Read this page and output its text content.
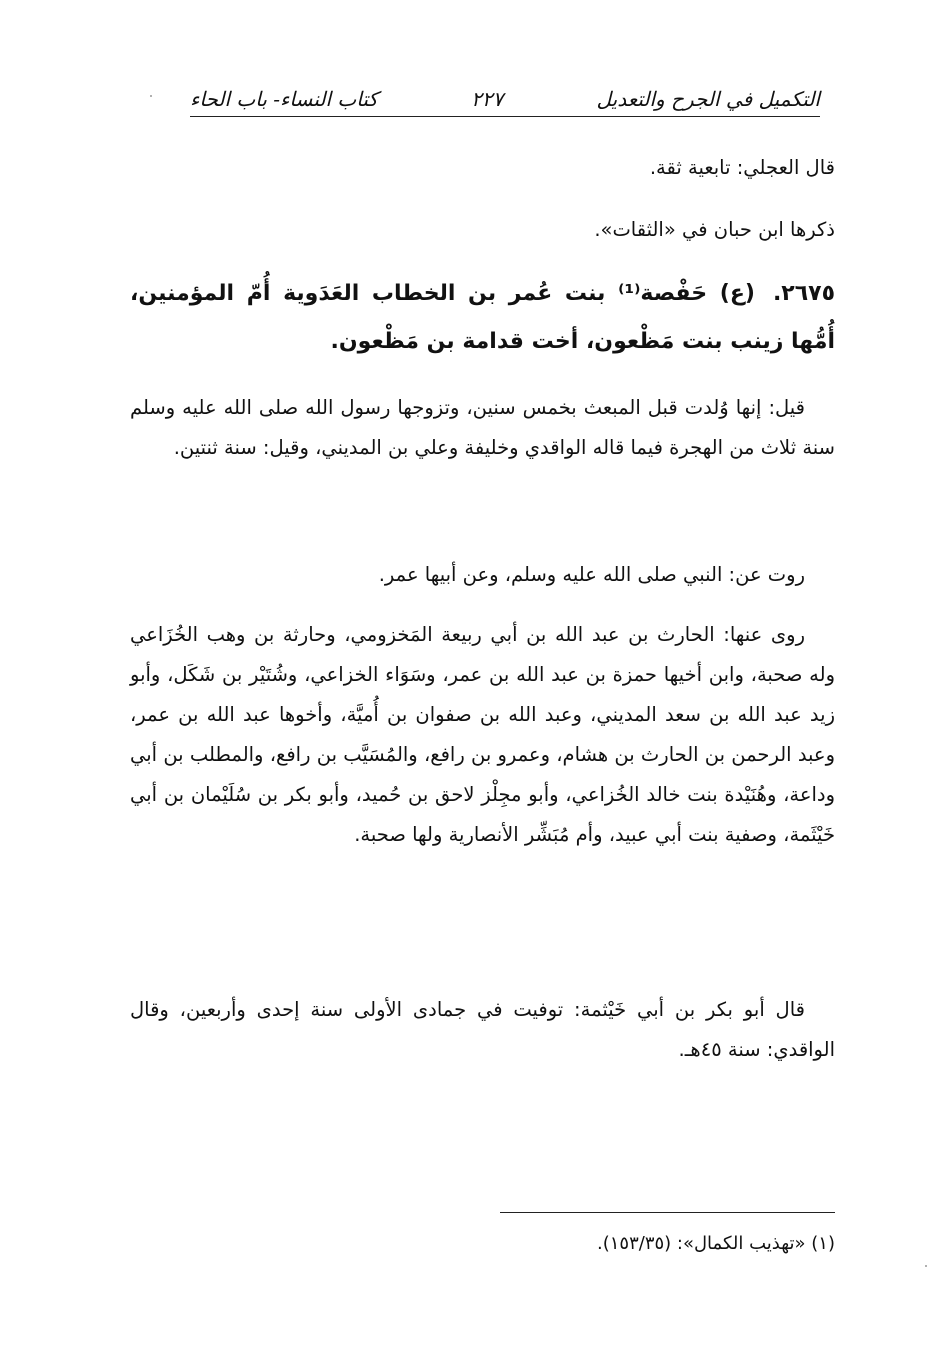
التكميل في الجرح والتعديل
٢٢٧
كتاب النساء- باب الحاء

قال العجلي: تابعية ثقة.

ذكرها ابن حبان في «الثقات».

٢٦٧٥.(ع) حَفْصة⁽¹⁾ بنت عُمر بن الخطاب العَدَوية أُمّ المؤمنين، أُمُّها زينب بنت مَظْعون، أخت قدامة بن مَظْعون.

قيل: إنها وُلدت قبل المبعث بخمس سنين، وتزوجها رسول الله صلى الله عليه وسلم سنة ثلاث من الهجرة فيما قاله الواقدي وخليفة وعلي بن المديني، وقيل: سنة ثنتين.

روت عن: النبي صلى الله عليه وسلم، وعن أبيها عمر.

روى عنها: الحارث بن عبد الله بن أبي ربيعة المَخزومي، وحارثة بن وهب الخُزَاعي وله صحبة، وابن أخيها حمزة بن عبد الله بن عمر، وسَوَاء الخزاعي، وشُتَيْر بن شَكَل، وأبو زيد عبد الله بن سعد المديني، وعبد الله بن صفوان بن أُميَّة، وأخوها عبد الله بن عمر، وعبد الرحمن بن الحارث بن هشام، وعمرو بن رافع، والمُسَيَّب بن رافع، والمطلب بن أبي وداعة، وهُنَيْدة بنت خالد الخُزاعي، وأبو مجِلْز لاحق بن حُميد، وأبو بكر بن سُلَيْمان بن أبي خَيْثَمة، وصفية بنت أبي عبيد، وأم مُبَشِّر الأنصارية ولها صحبة.

قال أبو بكر بن أبي خَيْثمة: توفيت في جمادى الأولى سنة إحدى وأربعين، وقال الواقدي: سنة ٤٥هـ.

(١) «تهذيب الكمال»: (١٥٣/٣٥).
